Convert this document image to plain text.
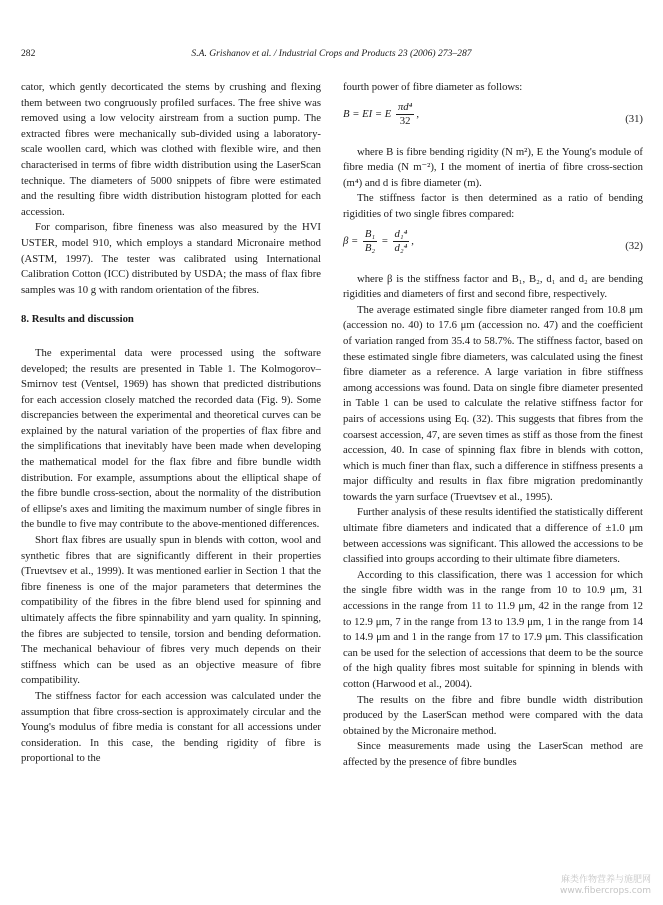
282	S.A. Grishanov et al. / Industrial Crops and Products 23 (2006) 273–287

cator, which gently decorticated the stems by crushing and flexing them between two congruously profiled surfaces. The free shive was removed using a low velocity airstream from a suction pump. The extracted fibres were mechanically sub-divided using a laboratory-scale woollen card, which was clothed with flexible wire, and then characterised in terms of fibre width distribution using the LaserScan technique. The diameters of 5000 snippets of fibre were estimated and the resulting fibre width distribution histogram plotted for each accession.

For comparison, fibre fineness was also measured by the HVI USTER, model 910, which employs a standard Micronaire method (ASTM, 1997). The tester was calibrated using International Calibration Cotton (ICC) distributed by USDA; the mass of flax fibre samples was 10 g with random orientation of the fibres.

8. Results and discussion

The experimental data were processed using the software developed; the results are presented in Table 1. The Kolmogorov–Smirnov test (Ventsel, 1969) has shown that predicted distributions for each accession closely matched the recorded data (Fig. 9). Some discrepancies between the experimental and theoretical curves can be explained by the natural variation of the properties of flax fibre and the simplifications that inevitably have been made when developing the mathematical model for the flax fibre and fibre bundle width distribution. For example, assumptions about the elliptical shape of the fibre bundle cross-section, about the normality of the distribution of ellipse's axes and limiting the maximum number of single fibres in the bundle to five may contribute to the above-mentioned differences.

Short flax fibres are usually spun in blends with cotton, wool and synthetic fibres that are significantly different in their properties (Truevtsev et al., 1999). It was mentioned earlier in Section 1 that the fibre fineness is one of the major parameters that determines the compatibility of the fibres in the fibre blend used for spinning and ultimately affects the fibre spinnability and yarn quality. In spinning, the fibres are subjected to tensile, torsion and bending deformation. The mechanical behaviour of fibres very much depends on their stiffness which can be used as an objective measure of fibre compatibility.

The stiffness factor for each accession was calculated under the assumption that fibre cross-section is approximately circular and the Young's modulus of fibre media is constant for all accessions under consideration. In this case, the bending rigidity of fibre is proportional to the

fourth power of fibre diameter as follows:

B = EI = E $\frac{\text{πd⁴}}{32}$ ,	(31)

where B is fibre bending rigidity (N m²), E the Young's module of fibre media (N m⁻²), I the moment of inertia of fibre cross-section (m⁴) and d is fibre diameter (m).

The stiffness factor is then determined as a ratio of bending rigidities of two single fibres compared:

$\beta = \frac{\text{B₁}}{\text{B₂}} = \frac{\text{d₁⁴}}{\text{d₂⁴}}$ ,	(32)

where β is the stiffness factor and B₁, B₂, d₁ and d₂ are bending rigidities and diameters of first and second fibre, respectively.

The average estimated single fibre diameter ranged from 10.8 μm (accession no. 40) to 17.6 μm (accession no. 47) and the coefficient of variation ranged from 35.4 to 58.7%. The stiffness factor, based on these estimated single fibre diameters, was calculated using the finest fibre diameter as a reference. A large variation in fibre stiffness among accessions was found. Data on single fibre diameter presented in Table 1 can be used to calculate the relative stiffness factor for pairs of accessions using Eq. (32). This suggests that fibres from the coarsest accession, 47, are seven times as stiff as those from the finest accession, 40. In case of spinning flax fibre in blends with cotton, which is much finer than flax, such a difference in stiffness presents a major difficulty and results in flax fibre migration predominantly towards the yarn surface (Truevtsev et al., 1995).

Further analysis of these results identified the statistically different ultimate fibre diameters and indicated that a difference of ±1.0 μm between accessions was significant. This allowed the accessions to be classified into groups according to their ultimate fibre diameters.

According to this classification, there was 1 accession for which the single fibre width was in the range from 10 to 10.9 μm, 31 accessions in the range from 11 to 11.9 μm, 42 in the range from 12 to 12.9 μm, 7 in the range from 13 to 13.9 μm, 1 in the range from 14 to 14.9 μm and 1 in the range from 17 to 17.9 μm. This classification can be used for the selection of accessions that deem to be the source of the high quality fibres most suitable for spinning in blends with cotton (Harwood et al., 2004).

The results on the fibre and fibre bundle width distribution produced by the LaserScan method were compared with the data obtained by the Micronaire method.

Since measurements made using the LaserScan method are affected by the presence of fibre bundles

麻类作物营养与施肥网
www.fibercrops.com
